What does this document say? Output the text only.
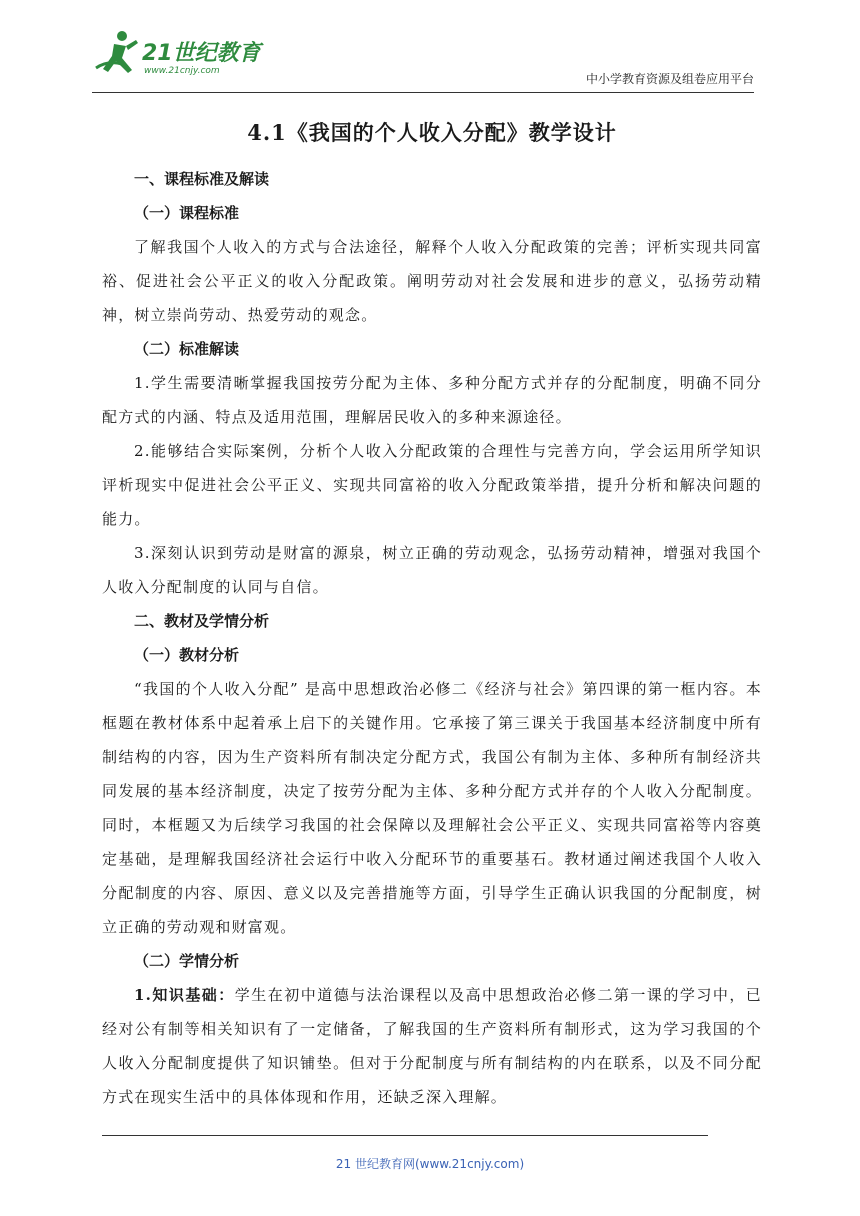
21世纪教育
www.21cnjy.com
中小学教育资源及组卷应用平台
4.1《我国的个人收入分配》教学设计
一、课程标准及解读
（一）课程标准
了解我国个人收入的方式与合法途径，解释个人收入分配政策的完善；评析实现共同富裕、促进社会公平正义的收入分配政策。阐明劳动对社会发展和进步的意义，弘扬劳动精神，树立崇尚劳动、热爱劳动的观念。
（二）标准解读
1.学生需要清晰掌握我国按劳分配为主体、多种分配方式并存的分配制度，明确不同分配方式的内涵、特点及适用范围，理解居民收入的多种来源途径。
2.能够结合实际案例，分析个人收入分配政策的合理性与完善方向，学会运用所学知识评析现实中促进社会公平正义、实现共同富裕的收入分配政策举措，提升分析和解决问题的能力。
3.深刻认识到劳动是财富的源泉，树立正确的劳动观念，弘扬劳动精神，增强对我国个人收入分配制度的认同与自信。
二、教材及学情分析
（一）教材分析
“我国的个人收入分配” 是高中思想政治必修二《经济与社会》第四课的第一框内容。本框题在教材体系中起着承上启下的关键作用。它承接了第三课关于我国基本经济制度中所有制结构的内容，因为生产资料所有制决定分配方式，我国公有制为主体、多种所有制经济共同发展的基本经济制度，决定了按劳分配为主体、多种分配方式并存的个人收入分配制度。同时，本框题又为后续学习我国的社会保障以及理解社会公平正义、实现共同富裕等内容奠定基础，是理解我国经济社会运行中收入分配环节的重要基石。教材通过阐述我国个人收入分配制度的内容、原因、意义以及完善措施等方面，引导学生正确认识我国的分配制度，树立正确的劳动观和财富观。
（二）学情分析
1.知识基础：学生在初中道德与法治课程以及高中思想政治必修二第一课的学习中，已经对公有制等相关知识有了一定储备，了解我国的生产资料所有制形式，这为学习我国的个人收入分配制度提供了知识铺垫。但对于分配制度与所有制结构的内在联系，以及不同分配方式在现实生活中的具体体现和作用，还缺乏深入理解。
21 世纪教育网(www.21cnjy.com)
